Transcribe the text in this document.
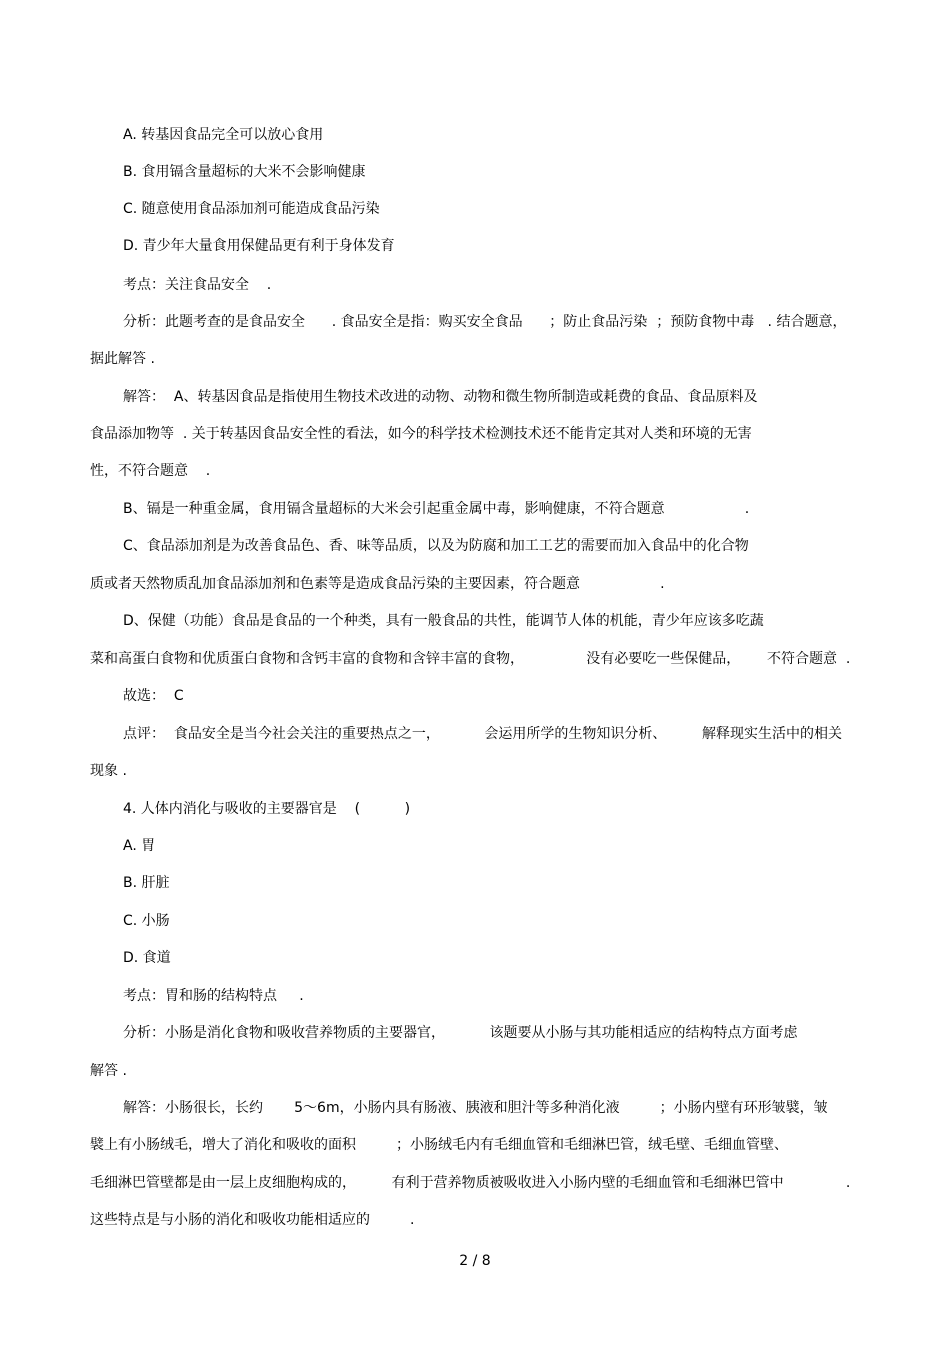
A. 转基因食品完全可以放心食用
B. 食用镉含量超标的大米不会影响健康
C. 随意使用食品添加剂可能造成食品污染
D. 青少年大量食用保健品更有利于身体发育
考点：关注食品安全    .
分析：此题考查的是食品安全      . 食品安全是指：购买安全食品      ；防止食品污染  ；预防食物中毒   . 结合题意，
据此解答 .
解答：  A、转基因食品是指使用生物技术改进的动物、动物和微生物所制造或耗费的食品、食品原料及
食品添加物等  . 关于转基因食品安全性的看法，如今的科学技术检测技术还不能肯定其对人类和环境的无害
性，不符合题意    .
B、镉是一种重金属，食用镉含量超标的大米会引起重金属中毒，影响健康，不符合题意                  .
C、食品添加剂是为改善食品色、香、味等品质，以及为防腐和加工工艺的需要而加入食品中的化合物
质或者天然物质乱加食品添加剂和色素等是造成食品污染的主要因素，符合题意                  .
D、保健（功能）食品是食品的一个种类，具有一般食品的共性，能调节人体的机能，青少年应该多吃蔬
菜和高蛋白食物和优质蛋白食物和含钙丰富的食物和含锌丰富的食物，              没有必要吃一些保健品，      不符合题意  .
故选：  C
点评：  食品安全是当今社会关注的重要热点之一，          会运用所学的生物知识分析、        解释现实生活中的相关
现象 .
4. 人体内消化与吸收的主要器官是    (          )
A. 胃
B. 肝脏
C. 小肠
D. 食道
考点：胃和肠的结构特点     .
分析：小肠是消化食物和吸收营养物质的主要器官，          该题要从小肠与其功能相适应的结构特点方面考虑
解答 .
解答：小肠很长，长约       5～6m，小肠内具有肠液、胰液和胆汁等多种消化液         ；小肠内壁有环形皱襞，皱
襞上有小肠绒毛，增大了消化和吸收的面积         ；小肠绒毛内有毛细血管和毛细淋巴管，绒毛壁、毛细血管壁、
毛细淋巴管壁都是由一层上皮细胞构成的，        有利于营养物质被吸收进入小肠内壁的毛细血管和毛细淋巴管中              .
这些特点是与小肠的消化和吸收功能相适应的         .
2 / 8
